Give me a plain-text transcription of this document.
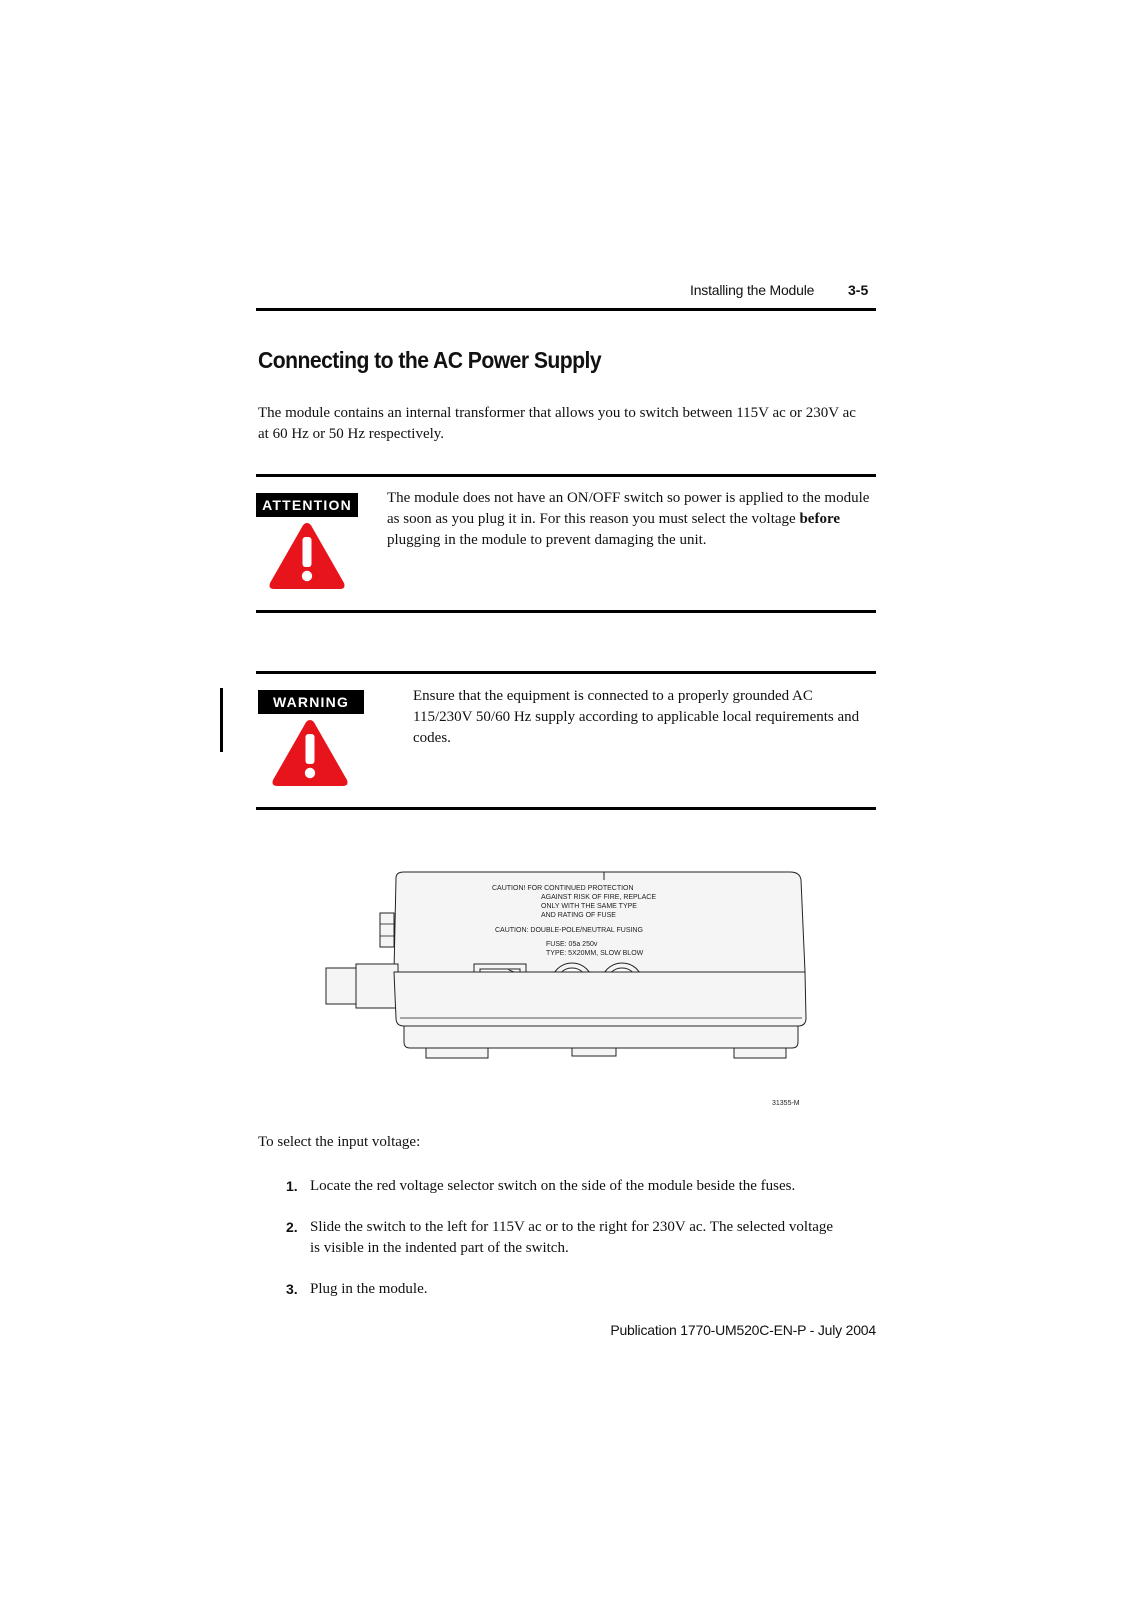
Installing the Module 3-5
Connecting to the AC Power Supply
The module contains an internal transformer that allows you to switch between 115V ac or 230V ac at 60 Hz or 50 Hz respectively.
ATTENTION	The module does not have an ON/OFF switch so power is applied to the module as soon as you plug it in. For this reason you must select the voltage before plugging in the module to prevent damaging the unit.
WARNING	Ensure that the equipment is connected to a properly grounded AC 115/230V 50/60 Hz supply according to applicable local requirements and codes.
CAUTION! FOR CONTINUED PROTECTION
AGAINST RISK OF FIRE, REPLACE
ONLY WITH THE SAME TYPE
AND RATING OF FUSE
CAUTION: DOUBLE-POLE/NEUTRAL FUSING
FUSE: 05a 250v
TYPE: 5X20MM, SLOW BLOW
31355-M
To select the input voltage:
1. Locate the red voltage selector switch on the side of the module beside the fuses.
2. Slide the switch to the left for 115V ac or to the right for 230V ac. The selected voltage is visible in the indented part of the switch.
3. Plug in the module.
Publication 1770-UM520C-EN-P - July 2004
